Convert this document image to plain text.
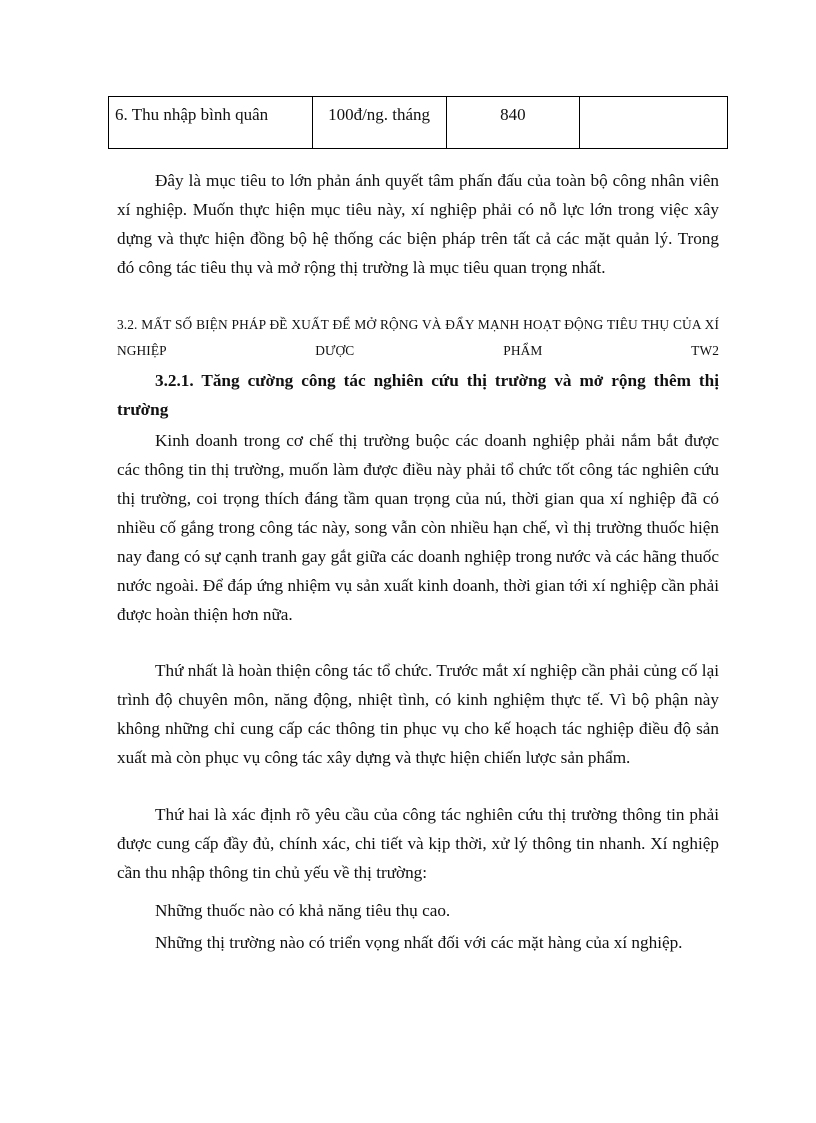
6. Thu nhập bình quân	100đ/ng. tháng	840	

Đây là mục tiêu to lớn phản ánh quyết tâm phấn đấu của toàn bộ công nhân viên xí nghiệp. Muốn thực hiện mục tiêu này, xí nghiệp phải có nỗ lực lớn trong việc xây dựng và thực hiện đồng bộ hệ thống các biện pháp trên tất cả các mặt quản lý. Trong đó công tác tiêu thụ và mở rộng thị trường là mục tiêu quan trọng nhất.

3.2. MẤT SỐ BIỆN PHÁP ĐỀ XUẤT ĐỂ MỞ RỘNG VÀ ĐẨY MẠNH HOẠT ĐỘNG TIÊU THỤ CỦA XÍ NGHIỆP DƯỢC PHẨM TW2

3.2.1. Tăng cường công tác nghiên cứu thị trường và mở rộng thêm thị trường

Kinh doanh trong cơ chế thị trường buộc các doanh nghiệp phải nắm bắt được các thông tin thị trường, muốn làm được điều này phải tổ chức tốt công tác nghiên cứu thị trường, coi trọng thích đáng tầm quan trọng của nú, thời gian qua xí nghiệp đã có nhiều cố gắng trong công tác này, song vẫn còn nhiều hạn chế, vì thị trường thuốc hiện nay đang có sự cạnh tranh gay gắt giữa các doanh nghiệp trong nước và các hãng thuốc nước ngoài. Để đáp ứng nhiệm vụ sản xuất kinh doanh, thời gian tới xí nghiệp cần phải được hoàn thiện hơn nữa.

Thứ nhất là hoàn thiện công tác tổ chức. Trước mắt xí nghiệp cần phải củng cố lại trình độ chuyên môn, năng động, nhiệt tình, có kinh nghiệm thực tế. Vì bộ phận này không những chỉ cung cấp các thông tin phục vụ cho kế hoạch tác nghiệp điều độ sản xuất mà còn phục vụ công tác xây dựng và thực hiện chiến lược sản phẩm.

Thứ hai là xác định rõ yêu cầu của công tác nghiên cứu thị trường thông tin phải được cung cấp đầy đủ, chính xác, chi tiết và kịp thời, xử lý thông tin nhanh. Xí nghiệp cần thu nhập thông tin chủ yếu về thị trường:

Những thuốc nào có khả năng tiêu thụ cao.

Những thị trường nào có triển vọng nhất đối với các mặt hàng của xí nghiệp.
